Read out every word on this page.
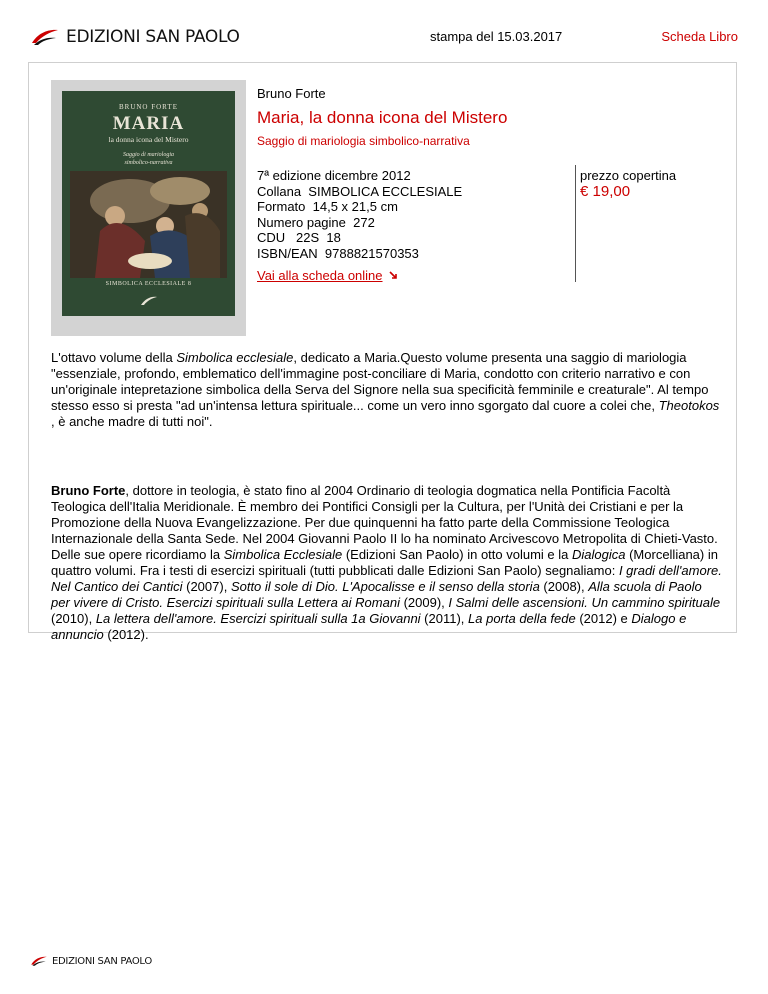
EDIZIONI SAN PAOLO	stampa del 15.03.2017	Scheda Libro
BRUNO FORTE
MARIA
la donna icona del Mistero
Saggio di mariologia
simbolico-narrativa
SIMBOLICA ECCLESIALE 8
Bruno Forte
Maria, la donna icona del Mistero
Saggio di mariologia simbolico-narrativa
7ª edizione dicembre 2012
Collana  SIMBOLICA ECCLESIALE
Formato  14,5 x 21,5 cm
Numero pagine  272
CDU   22S  18
ISBN/EAN  9788821570353
prezzo copertina
€ 19,00
Vai alla scheda online
L'ottavo volume della Simbolica ecclesiale, dedicato a Maria.Questo volume presenta una saggio di mariologia "essenziale, profondo, emblematico dell'immagine post-conciliare di Maria, condotto con criterio narrativo e con un'originale intepretazione simbolica della Serva del Signore nella sua specificità femminile e creaturale". Al tempo stesso esso si presta "ad un'intensa lettura spirituale... come un vero inno sgorgato dal cuore a colei che, Theotokos , è anche madre di tutti noi".
Bruno Forte, dottore in teologia, è stato fino al 2004 Ordinario di teologia dogmatica nella Pontificia Facoltà Teologica dell'Italia Meridionale. È membro dei Pontifici Consigli per la Cultura, per l'Unità dei Cristiani e per la Promozione della Nuova Evangelizzazione. Per due quinquenni ha fatto parte della Commissione Teologica Internazionale della Santa Sede. Nel 2004 Giovanni Paolo II lo ha nominato Arcivescovo Metropolita di Chieti-Vasto. Delle sue opere ricordiamo la Simbolica Ecclesiale (Edizioni San Paolo) in otto volumi e la Dialogica (Morcelliana) in quattro volumi. Fra i testi di esercizi spirituali (tutti pubblicati dalle Edizioni San Paolo) segnaliamo: I gradi dell'amore. Nel Cantico dei Cantici (2007), Sotto il sole di Dio. L'Apocalisse e il senso della storia (2008), Alla scuola di Paolo per vivere di Cristo. Esercizi spirituali sulla Lettera ai Romani (2009), I Salmi delle ascensioni. Un cammino spirituale (2010), La lettera dell'amore. Esercizi spirituali sulla 1a Giovanni (2011), La porta della fede (2012) e Dialogo e annuncio (2012).
EDIZIONI SAN PAOLO
